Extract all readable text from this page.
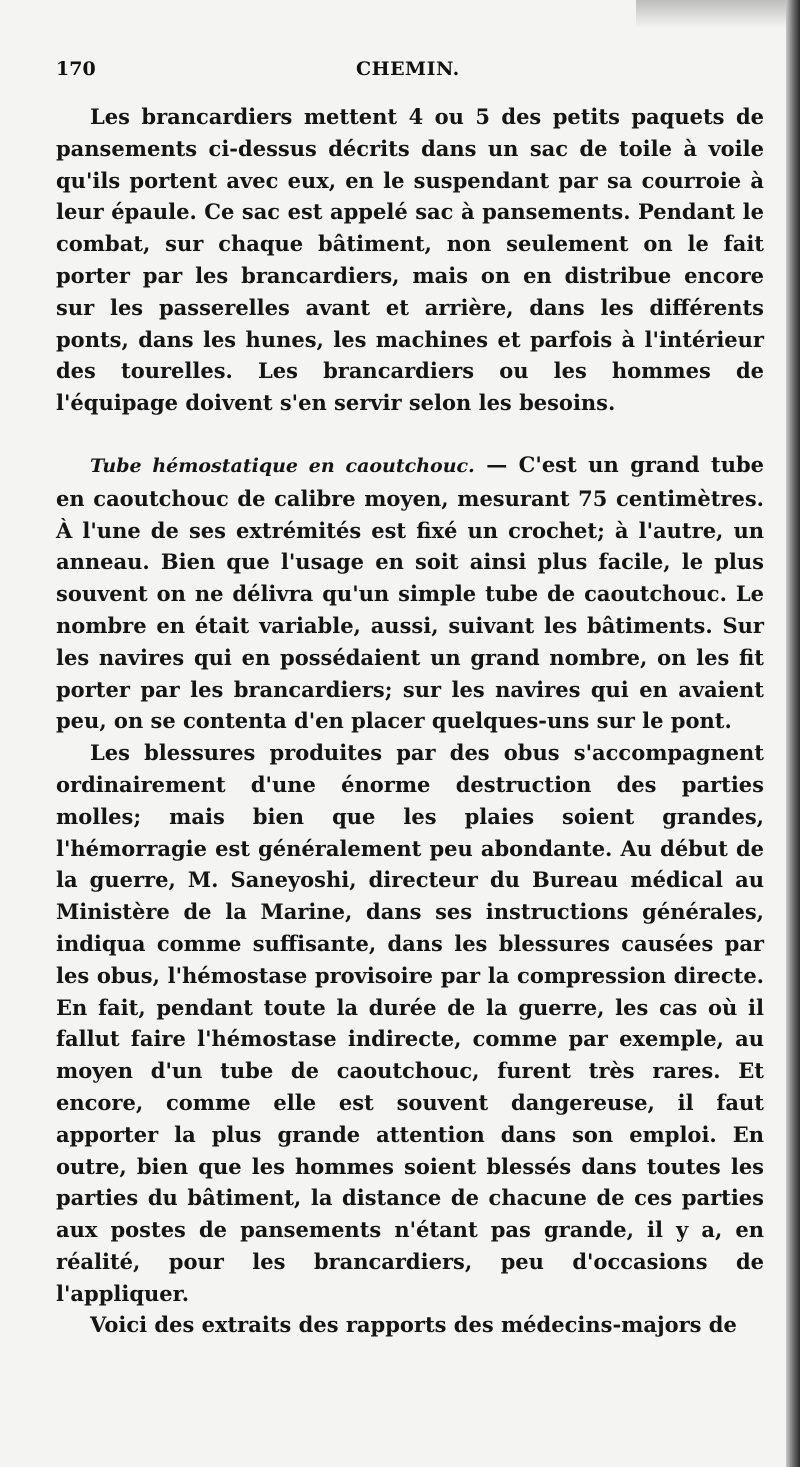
170	CHEMIN.

Les brancardiers mettent 4 ou 5 des petits paquets de pansements ci-dessus décrits dans un sac de toile à voile qu'ils portent avec eux, en le suspendant par sa courroie à leur épaule. Ce sac est appelé sac à pansements. Pendant le combat, sur chaque bâtiment, non seulement on le fait porter par les brancardiers, mais on en distribue encore sur les passerelles avant et arrière, dans les différents ponts, dans les hunes, les machines et parfois à l'intérieur des tourelles. Les brancardiers ou les hommes de l'équipage doivent s'en servir selon les besoins.

Tube hémostatique en caoutchouc. — C'est un grand tube en caoutchouc de calibre moyen, mesurant 75 centimètres. À l'une de ses extrémités est fixé un crochet; à l'autre, un anneau. Bien que l'usage en soit ainsi plus facile, le plus souvent on ne délivra qu'un simple tube de caoutchouc. Le nombre en était variable, aussi, suivant les bâtiments. Sur les navires qui en possédaient un grand nombre, on les fit porter par les brancardiers; sur les navires qui en avaient peu, on se contenta d'en placer quelques-uns sur le pont.

Les blessures produites par des obus s'accompagnent ordinairement d'une énorme destruction des parties molles; mais bien que les plaies soient grandes, l'hémorragie est généralement peu abondante. Au début de la guerre, M. Saneyoshi, directeur du Bureau médical au Ministère de la Marine, dans ses instructions générales, indiqua comme suffisante, dans les blessures causées par les obus, l'hémostase provisoire par la compression directe. En fait, pendant toute la durée de la guerre, les cas où il fallut faire l'hémostase indirecte, comme par exemple, au moyen d'un tube de caoutchouc, furent très rares. Et encore, comme elle est souvent dangereuse, il faut apporter la plus grande attention dans son emploi. En outre, bien que les hommes soient blessés dans toutes les parties du bâtiment, la distance de chacune de ces parties aux postes de pansements n'étant pas grande, il y a, en réalité, pour les brancardiers, peu d'occasions de l'appliquer.

Voici des extraits des rapports des médecins-majors de
